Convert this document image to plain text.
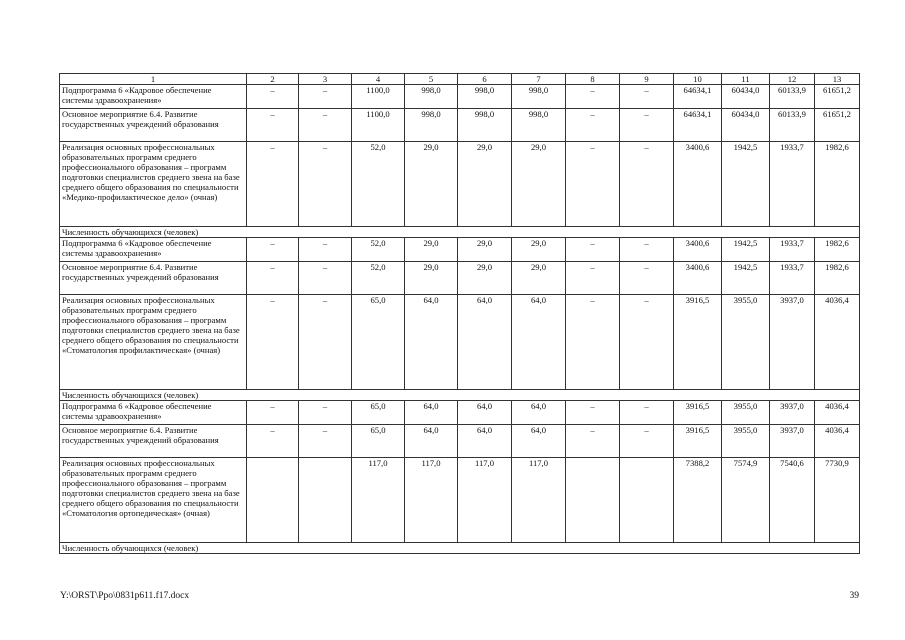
1	2	3	4	5	6	7	8	9	10	11	12	13
Подпрограмма 6 «Кадровое обеспечение системы здравоохранения»	–	–	1100,0	998,0	998,0	998,0	–	–	64634,1	60434,0	60133,9	61651,2
Основное мероприятие 6.4. Развитие государственных учреждений образования	–	–	1100,0	998,0	998,0	998,0	–	–	64634,1	60434,0	60133,9	61651,2
Реализация основных профессиональных образовательных программ среднего профессионального образования – программ подготовки специалистов среднего звена на базе среднего общего образования по специальности «Медико-профилактическое дело» (очная)	–	–	52,0	29,0	29,0	29,0	–	–	3400,6	1942,5	1933,7	1982,6
Численность обучающихся (человек)												
Подпрограмма 6 «Кадровое обеспечение системы здравоохранения»	–	–	52,0	29,0	29,0	29,0	–	–	3400,6	1942,5	1933,7	1982,6
Основное мероприятие 6.4. Развитие государственных учреждений образования	–	–	52,0	29,0	29,0	29,0	–	–	3400,6	1942,5	1933,7	1982,6
Реализация основных профессиональных образовательных программ среднего профессионального образования – программ подготовки специалистов среднего звена на базе среднего общего образования по специальности «Стоматология профилактическая» (очная)	–	–	65,0	64,0	64,0	64,0	–	–	3916,5	3955,0	3937,0	4036,4
Численность обучающихся (человек)												
Подпрограмма 6 «Кадровое обеспечение системы здравоохранения»	–	–	65,0	64,0	64,0	64,0	–	–	3916,5	3955,0	3937,0	4036,4
Основное мероприятие 6.4. Развитие государственных учреждений образования	–	–	65,0	64,0	64,0	64,0	–	–	3916,5	3955,0	3937,0	4036,4
Реализация основных профессиональных образовательных программ среднего профессионального образования – программ подготовки специалистов среднего звена на базе среднего общего образования по специальности «Стоматология ортопедическая» (очная)			117,0	117,0	117,0	117,0			7388,2	7574,9	7540,6	7730,9
Численность обучающихся (человек)												
Y:\ORST\Ppo\0831p611.f17.docx	39
